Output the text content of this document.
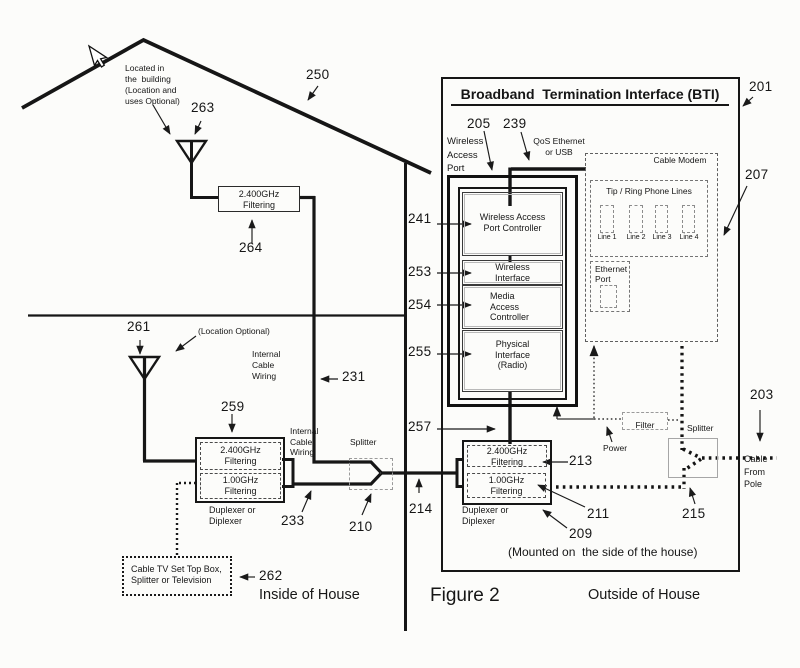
2.400GHz
Filtering
2.400GHz
Filtering
1.00GHz
Filtering
Cable TV Set Top Box,
Splitter or Television
Wireless Access
Port Controller
Wireless
Interface
Media
Access
Controller
Physical
Interface
(Radio)
Cable Modem
Tip / Ring Phone Lines
Line 1	Line 2 Line 3	Line 4
Ethernet
Port
Filter
2.400GHz
Filtering
1.00GHz
Filtering
Located in
the  building
(Location and
uses Optional)
250
263
264
261	(Location Optional)
Internal
Cable
Wiring	231
259
Internal
Cable
Wiring
Splitter
Duplexer or
Diplexer	233	210
214
262
Inside of House	Figure 2	Outside of House
Broadband  Termination Interface (BTI)	201
205 239
Wireless
Access
Port
QoS Ethernet
or USB
241
253
254
255
257
207
Power
Splitter
213
211
209
215
203
Cable
From
Pole
Duplexer or
Diplexer
(Mounted on  the side of the house)
